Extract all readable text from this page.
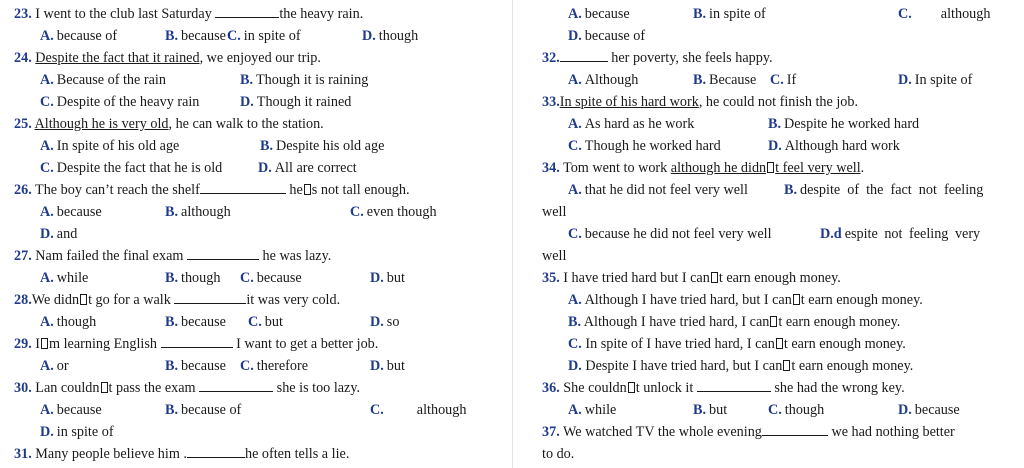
23. I went to the club last Saturday	the heavy rain.
A. because of	B. because C. in spite of	D. though
24. Despite the fact that it rained, we enjoyed our trip.
A. Because of the rain	B. Though it is raining
C. Despite of the heavy rain	D. Though it rained
25. Although he is very old, he can walk to the station.
A. In spite of his old age	B. Despite his old age
C. Despite the fact that he is old	D. All are correct
26. The boy can’t reach the shelf	he s not tall enough.
A. because	B. although	C. even though
D. and
27. Nam failed the final exam	he was lazy.
A. while	B. though C. because	D. but
28.We didn t go for a walk	it was very cold.
A. though	B. because C. but	D. so
29. I m learning English	I want to get a better job.
A. or	B. because C. therefore	D. but
30. Lan couldn t pass the exam	she is too lazy.
A. because	B. because of	C. although
D. in spite of
31. Many people believe him .	he often tells a lie.
A. because	B. in spite of	C. although
D. because of
32.	her poverty, she feels happy.
A. Although	B. Because C. If	D. In spite of
33.In spite of his hard work, he could not finish the job.
A. As hard as he work	B. Despite he worked hard
C. Though he worked hard	D. Although hard work
34. Tom went to work although he didn t feel very well.
A. that he did not feel very well	B. despite of the fact not feeling
well
C. because he did not feel very well	D.d espite not feeling very
well
35. I have tried hard but I can t earn enough money.
A. Although I have tried hard, but I can t earn enough money.
B. Although I have tried hard, I can t earn enough money.
C. In spite of I have tried hard, I can t earn enough money.
D. Despite I have tried hard, but I can t earn enough money.
36. She couldn t unlock it	she had the wrong key.
A. while	B. but	C. though	D. because
37. We watched TV the whole evening	we had nothing better
to do.
